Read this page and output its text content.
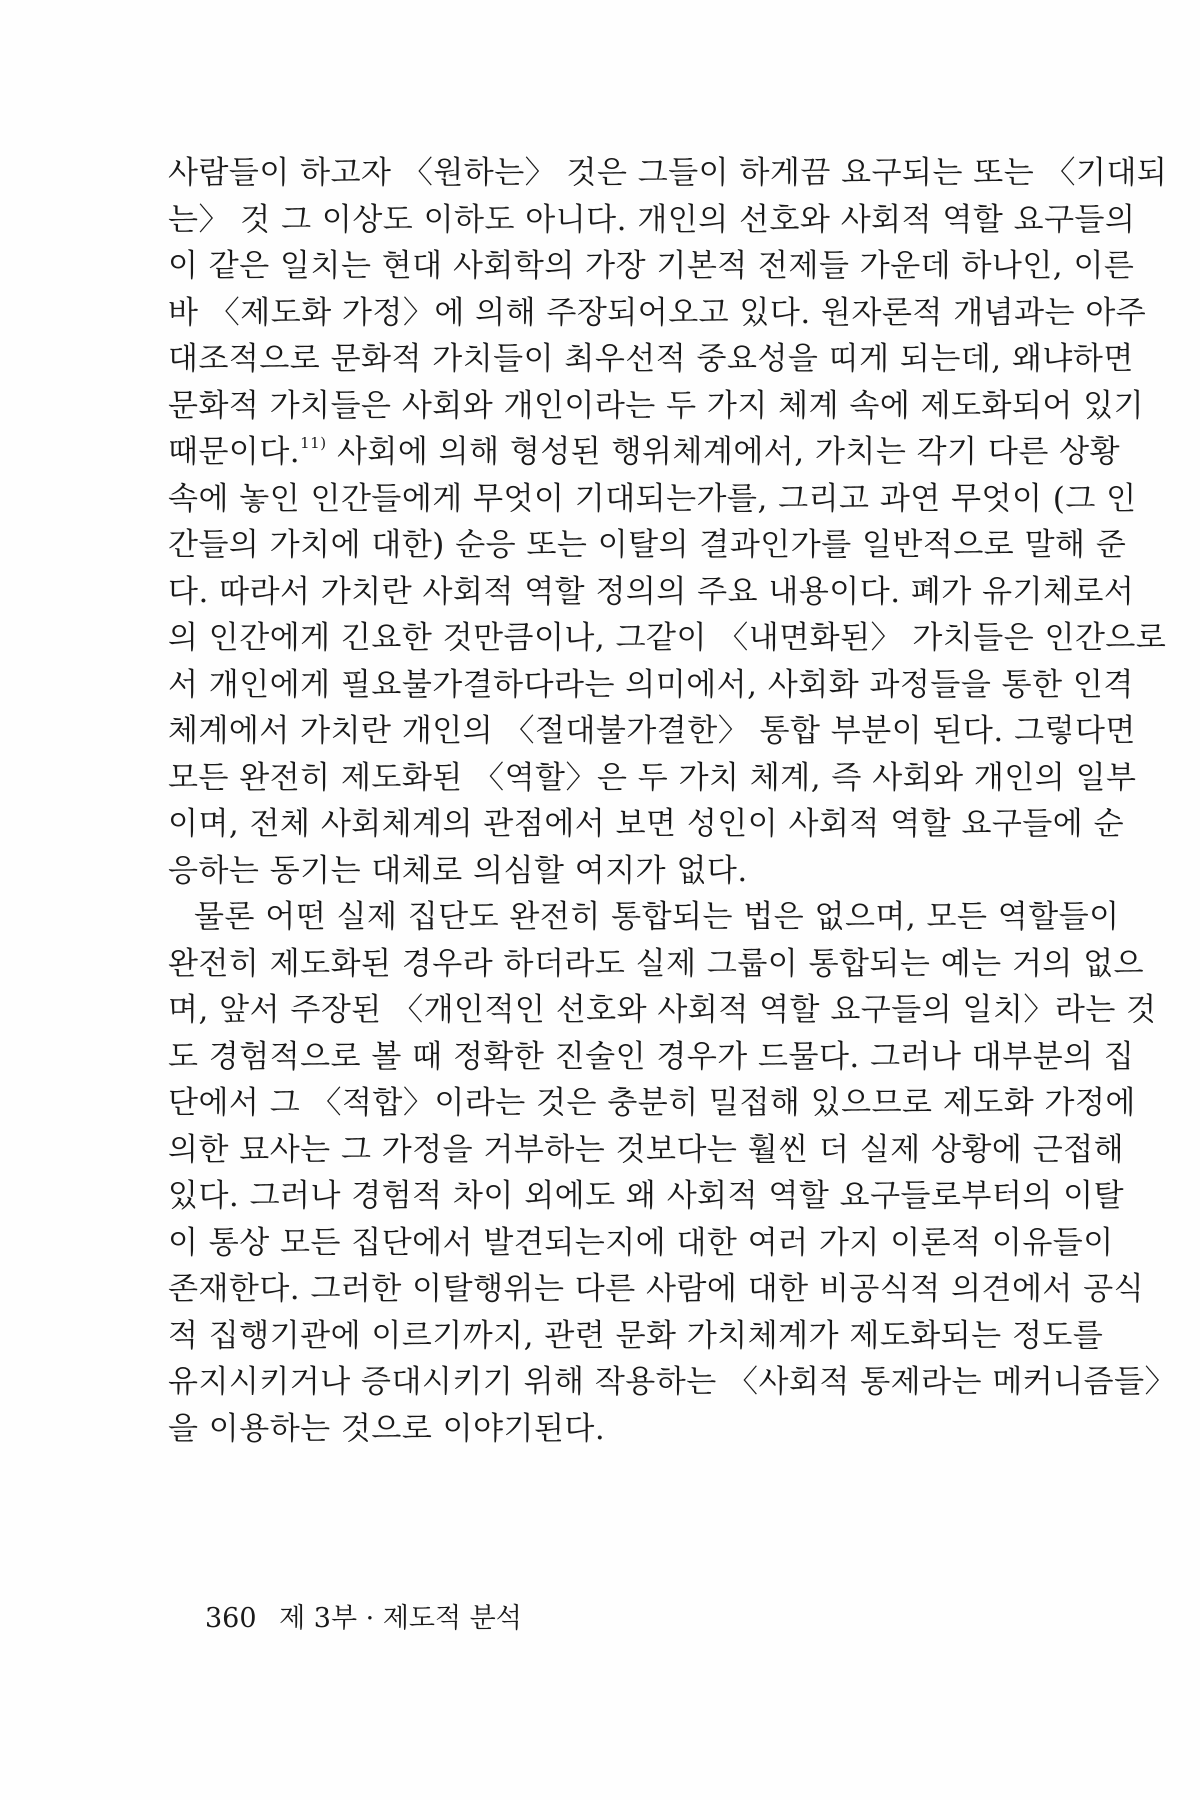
사람들이 하고자 〈원하는〉 것은 그들이 하게끔 요구되는 또는 〈기대되
는〉 것 그 이상도 이하도 아니다. 개인의 선호와 사회적 역할 요구들의
이 같은 일치는 현대 사회학의 가장 기본적 전제들 가운데 하나인, 이른
바 〈제도화 가정〉에 의해 주장되어오고 있다. 원자론적 개념과는 아주
대조적으로 문화적 가치들이 최우선적 중요성을 띠게 되는데, 왜냐하면
문화적 가치들은 사회와 개인이라는 두 가지 체계 속에 제도화되어 있기
때문이다.$^{11)}$ 사회에 의해 형성된 행위체계에서, 가치는 각기 다른 상황
속에 놓인 인간들에게 무엇이 기대되는가를, 그리고 과연 무엇이 (그 인
간들의 가치에 대한) 순응 또는 이탈의 결과인가를 일반적으로 말해 준
다. 따라서 가치란 사회적 역할 정의의 주요 내용이다. 폐가 유기체로서
의 인간에게 긴요한 것만큼이나, 그같이 〈내면화된〉 가치들은 인간으로
서 개인에게 필요불가결하다라는 의미에서, 사회화 과정들을 통한 인격
체계에서 가치란 개인의 〈절대불가결한〉 통합 부분이 된다. 그렇다면
모든 완전히 제도화된 〈역할〉은 두 가치 체계, 즉 사회와 개인의 일부
이며, 전체 사회체계의 관점에서 보면 성인이 사회적 역할 요구들에 순
응하는 동기는 대체로 의심할 여지가 없다.
물론 어떤 실제 집단도 완전히 통합되는 법은 없으며, 모든 역할들이
완전히 제도화된 경우라 하더라도 실제 그룹이 통합되는 예는 거의 없으
며, 앞서 주장된 〈개인적인 선호와 사회적 역할 요구들의 일치〉라는 것
도 경험적으로 볼 때 정확한 진술인 경우가 드물다. 그러나 대부분의 집
단에서 그 〈적합〉이라는 것은 충분히 밀접해 있으므로 제도화 가정에
의한 묘사는 그 가정을 거부하는 것보다는 훨씬 더 실제 상황에 근접해
있다. 그러나 경험적 차이 외에도 왜 사회적 역할 요구들로부터의 이탈
이 통상 모든 집단에서 발견되는지에 대한 여러 가지 이론적 이유들이
존재한다. 그러한 이탈행위는 다른 사람에 대한 비공식적 의견에서 공식
적 집행기관에 이르기까지, 관련 문화 가치체계가 제도화되는 정도를
유지시키거나 증대시키기 위해 작용하는 〈사회적 통제라는 메커니즘들〉
을 이용하는 것으로 이야기된다.
360 제 3부 · 제도적 분석
